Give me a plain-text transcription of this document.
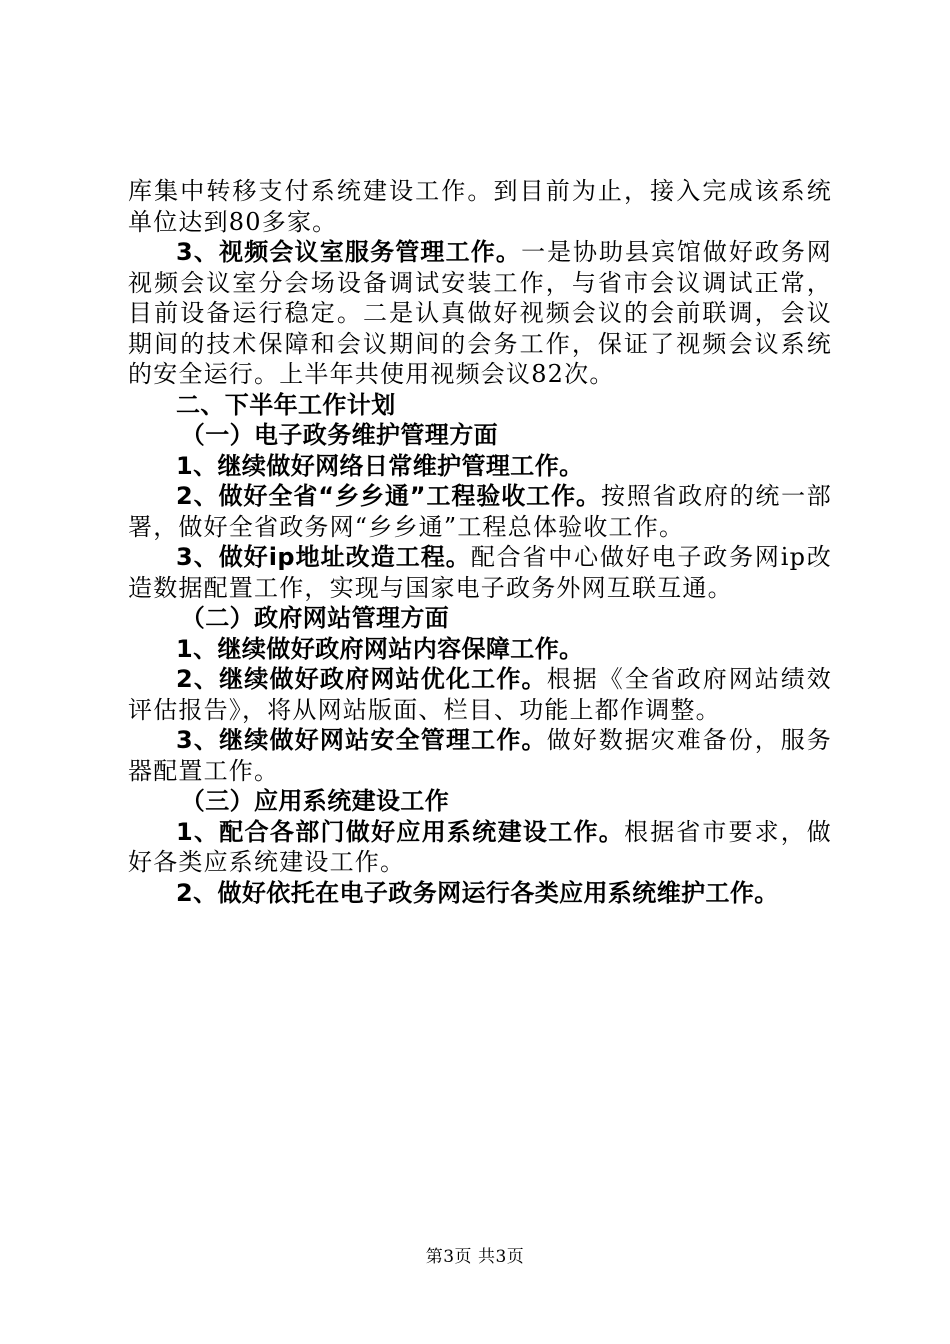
库集中转移支付系统建设工作。到目前为止，接入完成该系统单位达到80多家。

3、视频会议室服务管理工作。一是协助县宾馆做好政务网视频会议室分会场设备调试安装工作，与省市会议调试正常，目前设备运行稳定。二是认真做好视频会议的会前联调，会议期间的技术保障和会议期间的会务工作，保证了视频会议系统的安全运行。上半年共使用视频会议82次。

二、下半年工作计划

（一）电子政务维护管理方面

1、继续做好网络日常维护管理工作。

2、做好全省“乡乡通”工程验收工作。按照省政府的统一部署，做好全省政务网“乡乡通”工程总体验收工作。

3、做好ip地址改造工程。配合省中心做好电子政务网ip改造数据配置工作，实现与国家电子政务外网互联互通。

（二）政府网站管理方面

1、继续做好政府网站内容保障工作。

2、继续做好政府网站优化工作。根据《全省政府网站绩效评估报告》，将从网站版面、栏目、功能上都作调整。

3、继续做好网站安全管理工作。做好数据灾难备份，服务器配置工作。

（三）应用系统建设工作

1、配合各部门做好应用系统建设工作。根据省市要求，做好各类应系统建设工作。

2、做好依托在电子政务网运行各类应用系统维护工作。

第3页 共3页
